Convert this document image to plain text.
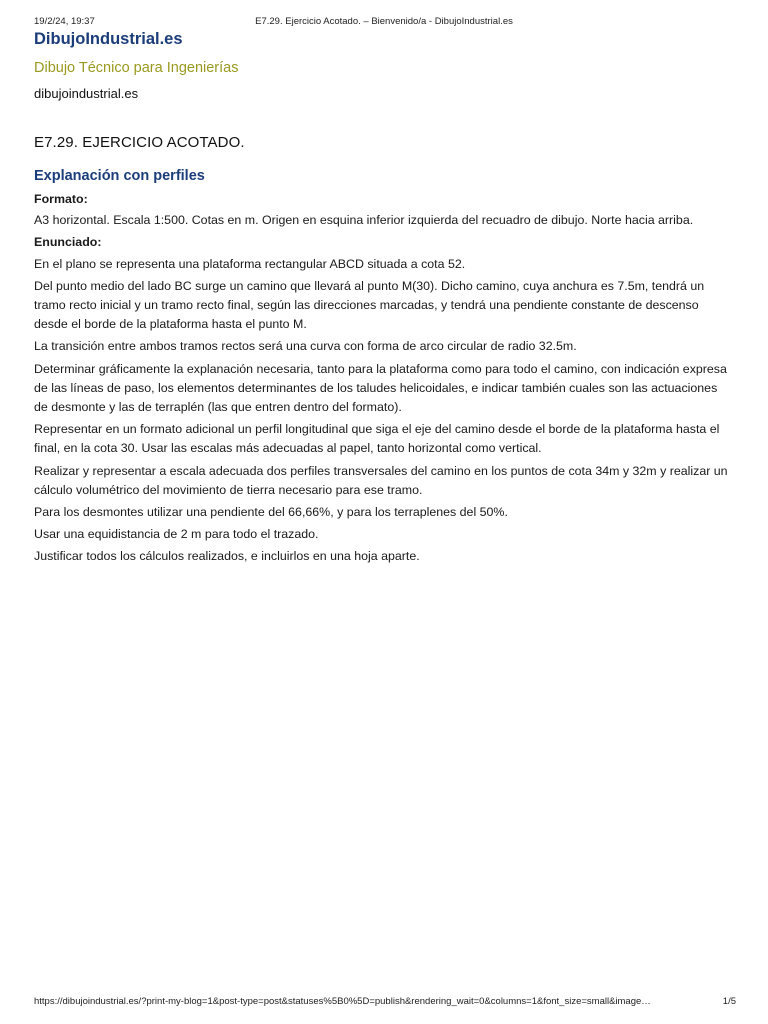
19/2/24, 19:37	E7.29. Ejercicio Acotado. – Bienvenido/a - DibujoIndustrial.es
DibujoIndustrial.es
Dibujo Técnico para Ingenierías
dibujoindustrial.es
E7.29. EJERCICIO ACOTADO.
Explanación con perfiles

Formato:

A3 horizontal. Escala 1:500. Cotas en m. Origen en esquina inferior izquierda del recuadro de dibujo. Norte hacia arriba.

Enunciado:

En el plano se representa una plataforma rectangular ABCD situada a cota 52.

Del punto medio del lado BC surge un camino que llevará al punto M(30). Dicho camino, cuya anchura es 7.5m, tendrá un tramo recto inicial y un tramo recto final, según las direcciones marcadas, y tendrá una pendiente constante de descenso desde el borde de la plataforma hasta el punto M.

La transición entre ambos tramos rectos será una curva con forma de arco circular de radio 32.5m.

Determinar gráficamente la explanación necesaria, tanto para la plataforma como para todo el camino, con indicación expresa de las líneas de paso, los elementos determinantes de los taludes helicoidales, e indicar también cuales son las actuaciones de desmonte y las de terraplén (las que entren dentro del formato).

Representar en un formato adicional un perfil longitudinal que siga el eje del camino desde el borde de la plataforma hasta el final, en la cota 30. Usar las escalas más adecuadas al papel, tanto horizontal como vertical.

Realizar y representar a escala adecuada dos perfiles transversales del camino en los puntos de cota 34m y 32m y realizar un cálculo volumétrico del movimiento de tierra necesario para ese tramo.

Para los desmontes utilizar una pendiente del 66,66%, y para los terraplenes del 50%.

Usar una equidistancia de 2 m para todo el trazado.

Justificar todos los cálculos realizados, e incluirlos en una hoja aparte.

https://dibujoindustrial.es/?print-my-blog=1&post-type=post&statuses%5B0%5D=publish&rendering_wait=0&columns=1&font_size=small&image…	1/5
